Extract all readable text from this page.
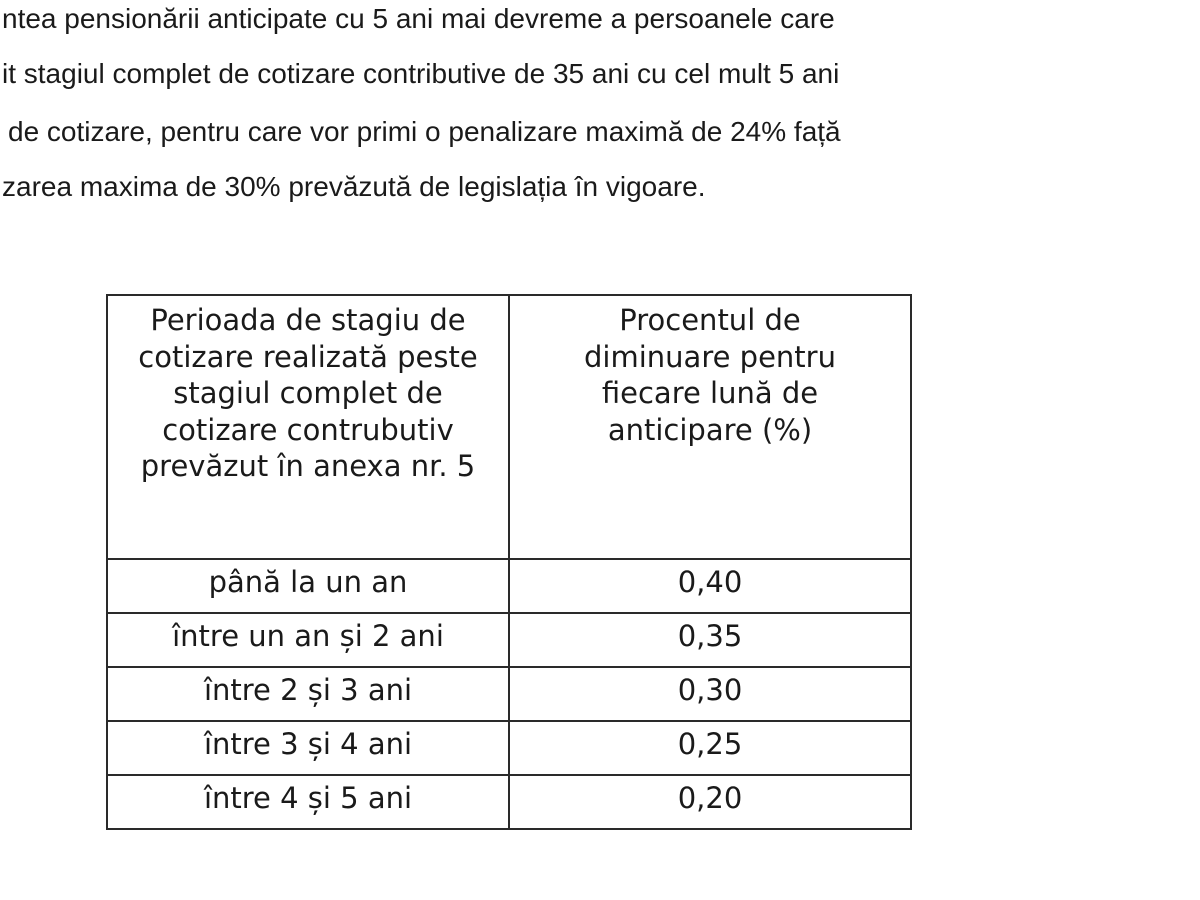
ntea pensionării anticipate cu 5 ani mai devreme a persoanele care
it stagiul complet de cotizare contributive de 35 ani cu cel mult 5 ani
de cotizare, pentru care vor primi o penalizare maximă de 24% față
zarea maxima de 30% prevăzută de legislația în vigoare.
Perioada de stagiu de cotizare realizată peste stagiul complet de cotizare contrubutiv prevăzut în anexa nr. 5	Procentul de diminuare pentru fiecare lună de anticipare (%)

până la un an	0,40
între un an și 2 ani	0,35
între 2 și 3 ani	0,30
între 3 și 4 ani	0,25
între 4 și 5 ani	0,20
